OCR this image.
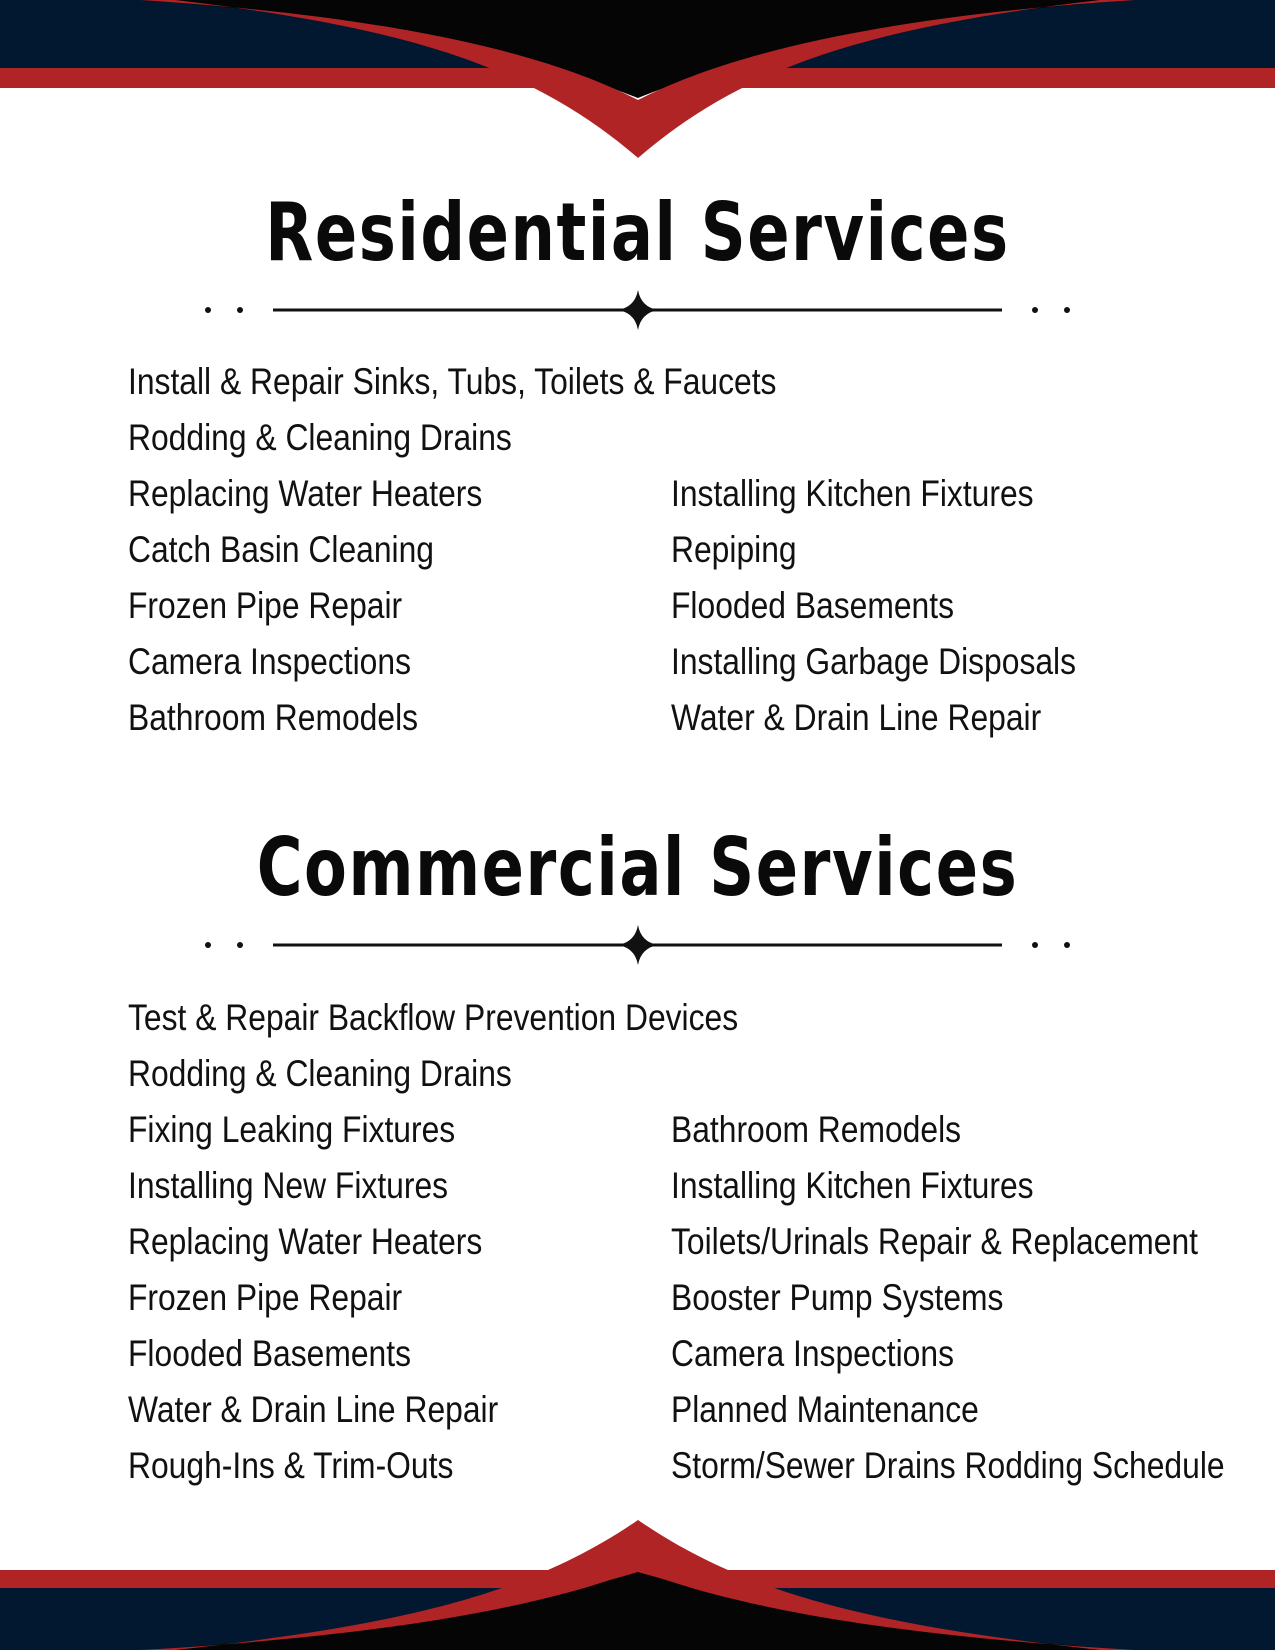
Residential Services
Install & Repair Sinks, Tubs, Toilets & Faucets
Rodding & Cleaning Drains
Replacing Water Heaters
Catch Basin Cleaning
Frozen Pipe Repair
Camera Inspections
Bathroom Remodels
Installing Kitchen Fixtures
Repiping
Flooded Basements
Installing Garbage Disposals
Water & Drain Line Repair
Commercial Services
Test & Repair Backflow Prevention Devices
Rodding & Cleaning Drains
Fixing Leaking Fixtures
Installing New Fixtures
Replacing Water Heaters
Frozen Pipe Repair
Flooded Basements
Water & Drain Line Repair
Rough-Ins & Trim-Outs
Bathroom Remodels
Installing Kitchen Fixtures
Toilets/Urinals Repair & Replacement
Booster Pump Systems
Camera Inspections
Planned Maintenance
Storm/Sewer Drains Rodding Schedule
